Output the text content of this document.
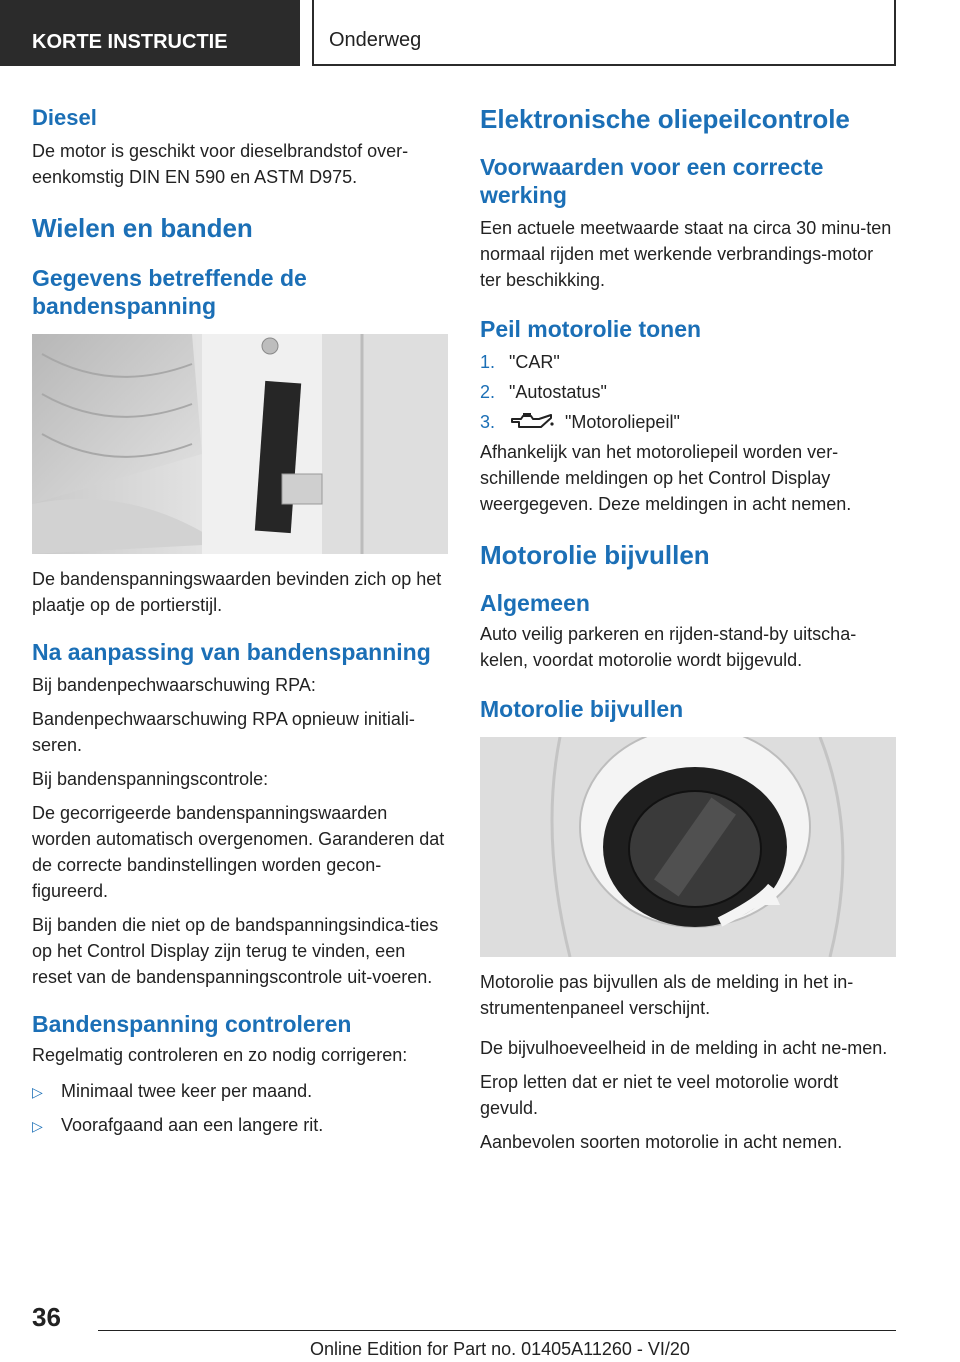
KORTE INSTRUCTIE	Onderweg
Diesel
De motor is geschikt voor dieselbrandstof over-eenkomstig DIN EN 590 en ASTM D975.
Wielen en banden
Gegevens betreffende de bandenspanning
De bandenspanningswaarden bevinden zich op het plaatje op de portierstijl.
Na aanpassing van bandenspanning
Bij bandenpechwaarschuwing RPA:
Bandenpechwaarschuwing RPA opnieuw initiali-seren.
Bij bandenspanningscontrole:
De gecorrigeerde bandenspanningswaarden worden automatisch overgenomen. Garanderen dat de correcte bandinstellingen worden gecon-figureerd.
Bij banden die niet op de bandspanningsindica-ties op het Control Display zijn terug te vinden, een reset van de bandenspanningscontrole uit-voeren.
Bandenspanning controleren
Regelmatig controleren en zo nodig corrigeren:
▷ Minimaal twee keer per maand.
▷ Voorafgaand aan een langere rit.
Elektronische oliepeilcontrole
Voorwaarden voor een correcte werking
Een actuele meetwaarde staat na circa 30 minu-ten normaal rijden met werkende verbrandings-motor ter beschikking.
Peil motorolie tonen
1. "CAR"
2. "Autostatus"
3.	"Motoroliepeil"
Afhankelijk van het motoroliepeil worden ver-schillende meldingen op het Control Display weergegeven. Deze meldingen in acht nemen.
Motorolie bijvullen
Algemeen
Auto veilig parkeren en rijden-stand-by uitscha-kelen, voordat motorolie wordt bijgevuld.
Motorolie bijvullen
Motorolie pas bijvullen als de melding in het in-strumentenpaneel verschijnt.
De bijvulhoeveelheid in de melding in acht ne-men.
Erop letten dat er niet te veel motorolie wordt gevuld.
Aanbevolen soorten motorolie in acht nemen.
36
Online Edition for Part no. 01405A11260 - VI/20
